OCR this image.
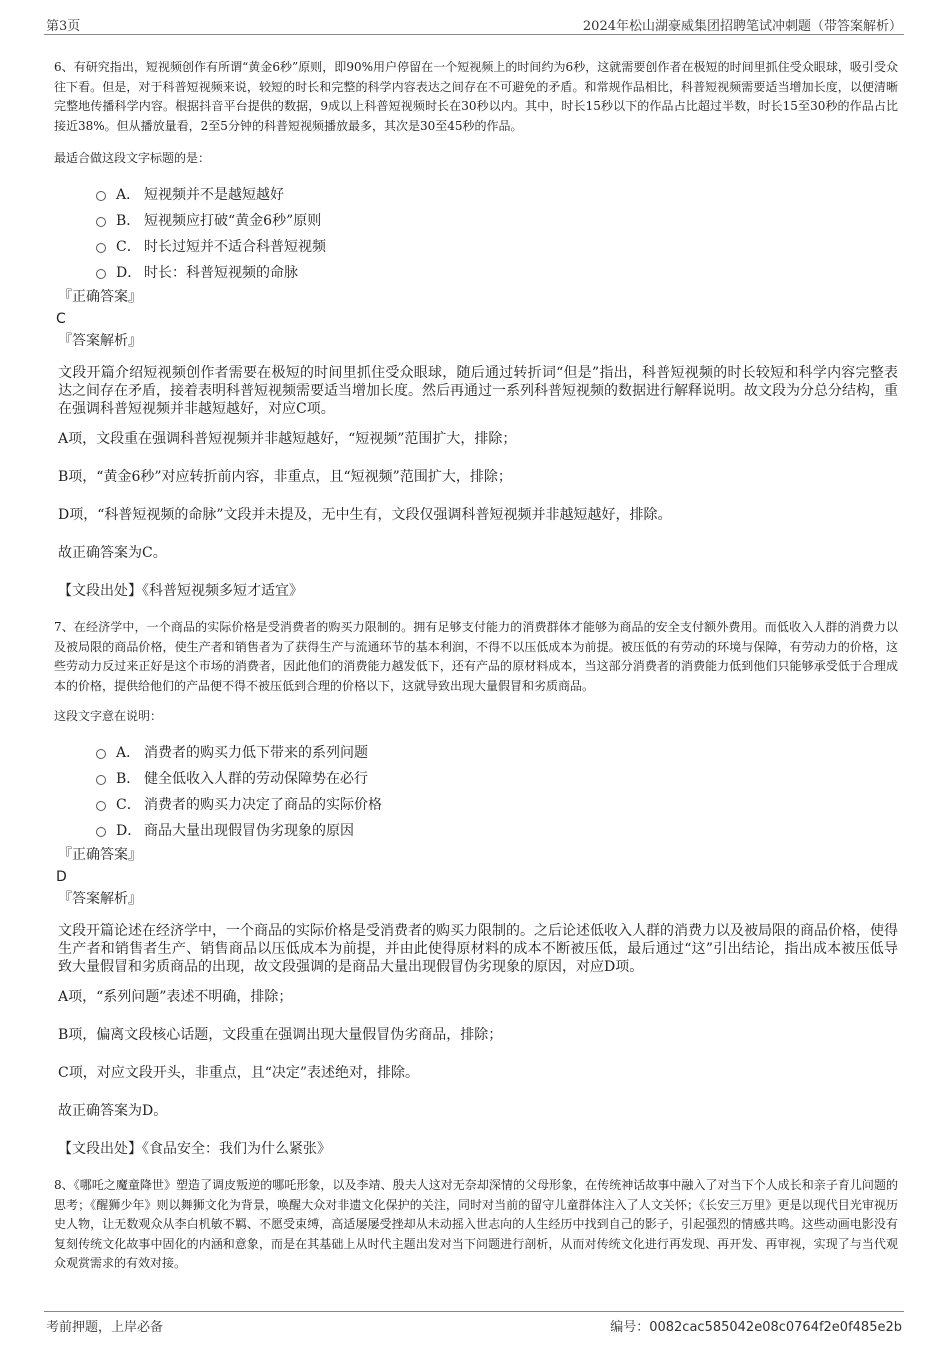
第3页	2024年松山湖豪威集团招聘笔试冲刺题（带答案解析）

6、有研究指出，短视频创作有所谓“黄金6秒”原则，即90%用户停留在一个短视频上的时间约为6秒，这就需要创作者在极短的时间里抓住受众眼球，吸引受众往下看。但是，对于科普短视频来说，较短的时长和完整的科学内容表达之间存在不可避免的矛盾。和常规作品相比，科普短视频需要适当增加长度，以便清晰完整地传播科学内容。根据抖音平台提供的数据，9成以上科普短视频时长在30秒以内。其中，时长15秒以下的作品占比超过半数，时长15至30秒的作品占比接近38%。但从播放量看，2至5分钟的科普短视频播放最多，其次是30至45秒的作品。

最适合做这段文字标题的是：
A． 短视频并不是越短越好
B． 短视频应打破“黄金6秒”原则
C． 时长过短并不适合科普短视频
D． 时长：科普短视频的命脉
『正确答案』
C
『答案解析』

文段开篇介绍短视频创作者需要在极短的时间里抓住受众眼球，随后通过转折词“但是”指出，科普短视频的时长较短和科学内容完整表达之间存在矛盾，接着表明科普短视频需要适当增加长度。然后再通过一系列科普短视频的数据进行解释说明。故文段为分总分结构，重在强调科普短视频并非越短越好，对应C项。

A项，文段重在强调科普短视频并非越短越好，“短视频”范围扩大，排除；
B项，“黄金6秒”对应转折前内容，非重点，且“短视频”范围扩大，排除；
D项，“科普短视频的命脉”文段并未提及，无中生有，文段仅强调科普短视频并非越短越好，排除。
故正确答案为C。
【文段出处】《科普短视频多短才适宜》

7、在经济学中，一个商品的实际价格是受消费者的购买力限制的。拥有足够支付能力的消费群体才能够为商品的安全支付额外费用。而低收入人群的消费力以及被局限的商品价格，使生产者和销售者为了获得生产与流通环节的基本利润，不得不以压低成本为前提。被压低的有劳动的环境与保障，有劳动力的价格，这些劳动力反过来正好是这个市场的消费者，因此他们的消费能力越发低下，还有产品的原材料成本，当这部分消费者的消费能力低到他们只能够承受低于合理成本的价格，提供给他们的产品便不得不被压低到合理的价格以下，这就导致出现大量假冒和劣质商品。

这段文字意在说明：
A． 消费者的购买力低下带来的系列问题
B． 健全低收入人群的劳动保障势在必行
C． 消费者的购买力决定了商品的实际价格
D． 商品大量出现假冒伪劣现象的原因
『正确答案』
D
『答案解析』

文段开篇论述在经济学中，一个商品的实际价格是受消费者的购买力限制的。之后论述低收入人群的消费力以及被局限的商品价格，使得生产者和销售者生产、销售商品以压低成本为前提，并由此使得原材料的成本不断被压低，最后通过“这”引出结论，指出成本被压低导致大量假冒和劣质商品的出现，故文段强调的是商品大量出现假冒伪劣现象的原因，对应D项。

A项，“系列问题”表述不明确，排除；
B项，偏离文段核心话题，文段重在强调出现大量假冒伪劣商品，排除；
C项，对应文段开头，非重点，且“决定”表述绝对，排除。
故正确答案为D。
【文段出处】《食品安全：我们为什么紧张》

8、《哪吒之魔童降世》塑造了调皮叛逆的哪吒形象，以及李靖、殷夫人这对无奈却深情的父母形象，在传统神话故事中融入了对当下个人成长和亲子育儿问题的思考；《醒狮少年》则以舞狮文化为背景，唤醒大众对非遗文化保护的关注，同时对当前的留守儿童群体注入了人文关怀；《长安三万里》更是以现代目光审视历史人物，让无数观众从李白机敏不羁、不愿受束缚，高适屡屡受挫却从未动摇入世志向的人生经历中找到自己的影子，引起强烈的情感共鸣。这些动画电影没有复刻传统文化故事中固化的内涵和意象，而是在其基础上从时代主题出发对当下问题进行剖析，从而对传统文化进行再发现、再开发、再审视，实现了与当代观众观赏需求的有效对接。

考前押题，上岸必备	编号：0082cac585042e08c0764f2e0f485e2b
